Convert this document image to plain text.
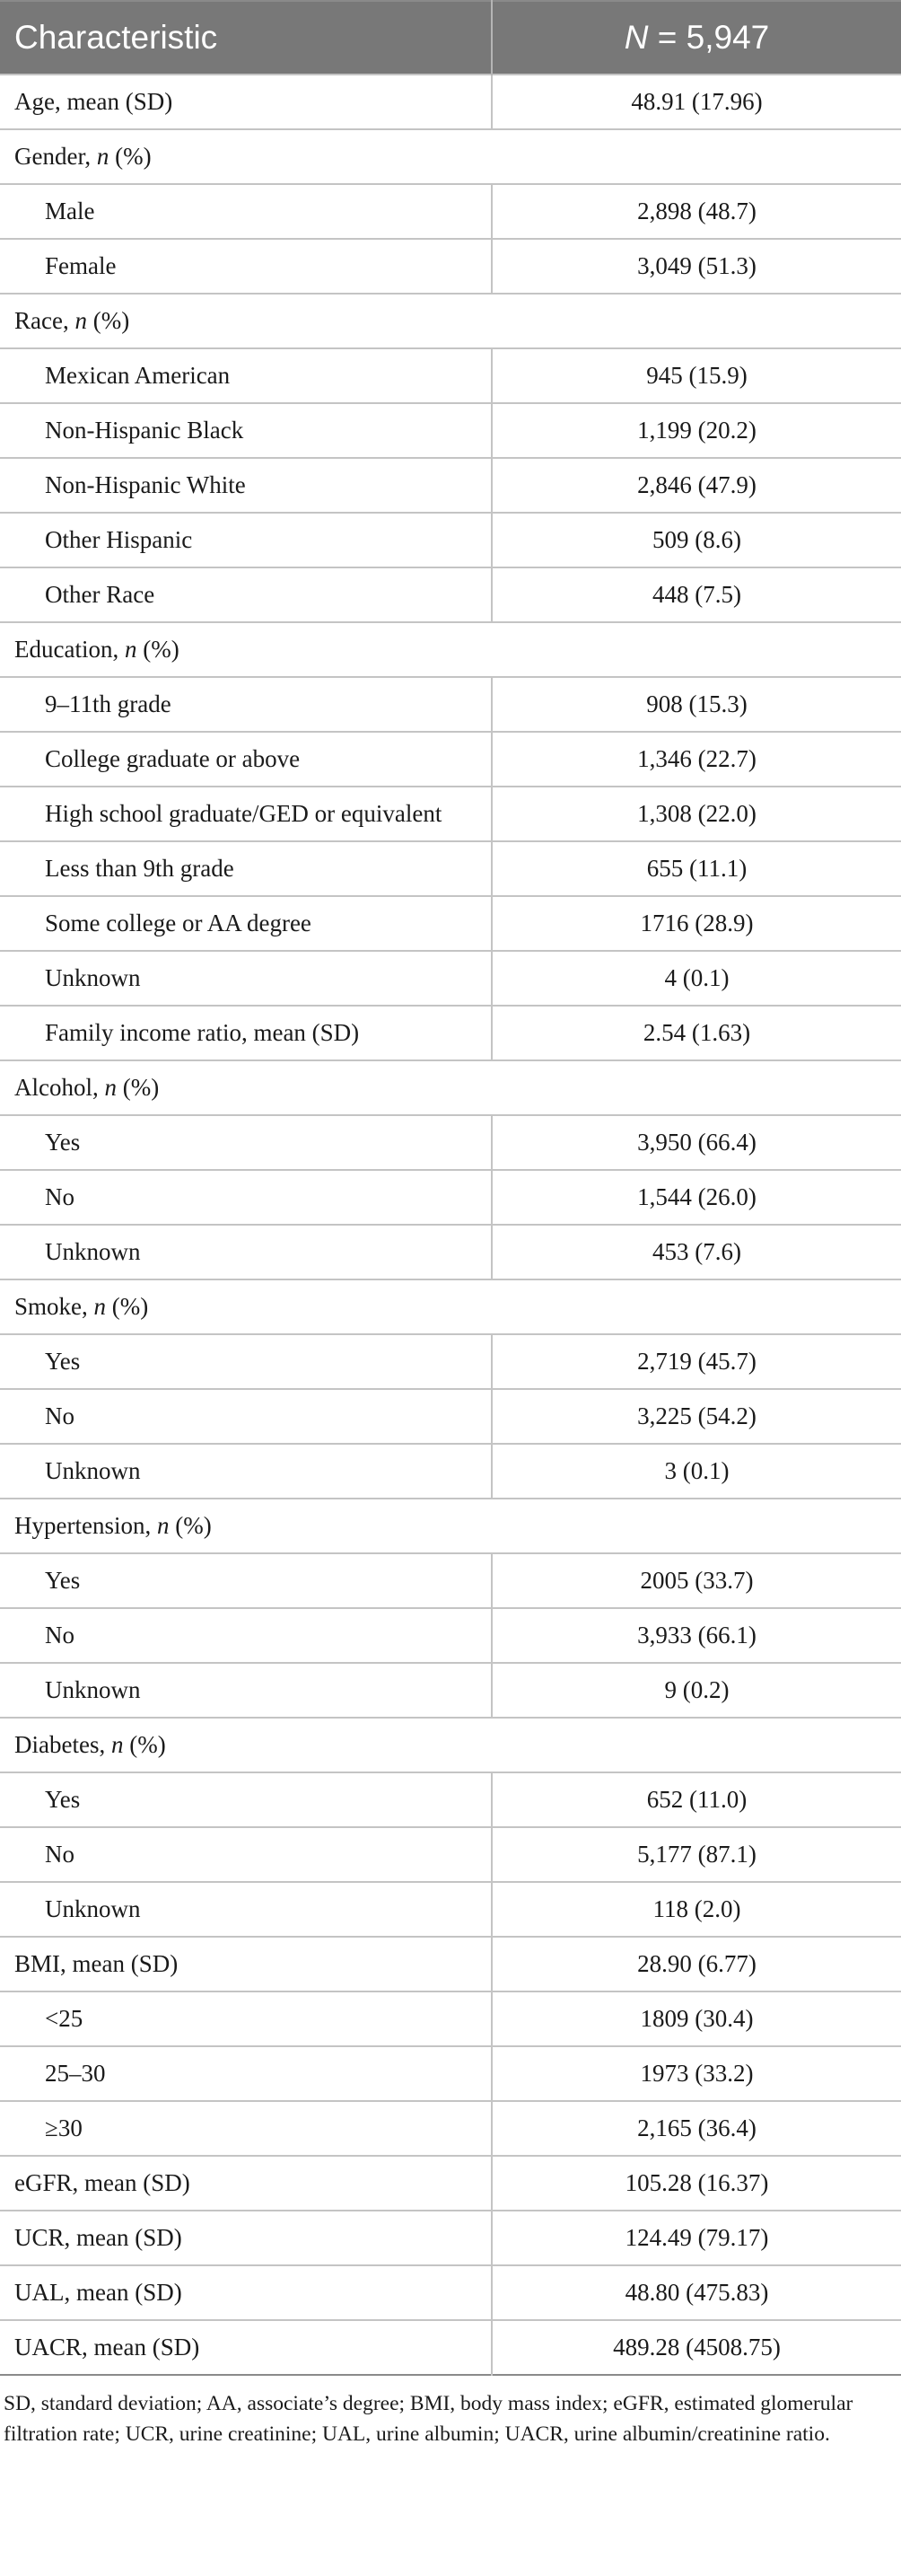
Characteristic	N = 5,947
Age, mean (SD)	48.91 (17.96)
Gender, n (%)	
Male	2,898 (48.7)
Female	3,049 (51.3)
Race, n (%)	
Mexican American	945 (15.9)
Non-Hispanic Black	1,199 (20.2)
Non-Hispanic White	2,846 (47.9)
Other Hispanic	509 (8.6)
Other Race	448 (7.5)
Education, n (%)	
9–11th grade	908 (15.3)
College graduate or above	1,346 (22.7)
High school graduate/GED or equivalent	1,308 (22.0)
Less than 9th grade	655 (11.1)
Some college or AA degree	1716 (28.9)
Unknown	4 (0.1)
Family income ratio, mean (SD)	2.54 (1.63)
Alcohol, n (%)	
Yes	3,950 (66.4)
No	1,544 (26.0)
Unknown	453 (7.6)
Smoke, n (%)	
Yes	2,719 (45.7)
No	3,225 (54.2)
Unknown	3 (0.1)
Hypertension, n (%)	
Yes	2005 (33.7)
No	3,933 (66.1)
Unknown	9 (0.2)
Diabetes, n (%)	
Yes	652 (11.0)
No	5,177 (87.1)
Unknown	118 (2.0)
BMI, mean (SD)	28.90 (6.77)
<25	1809 (30.4)
25–30	1973 (33.2)
≥30	2,165 (36.4)
eGFR, mean (SD)	105.28 (16.37)
UCR, mean (SD)	124.49 (79.17)
UAL, mean (SD)	48.80 (475.83)
UACR, mean (SD)	489.28 (4508.75)
SD, standard deviation; AA, associate’s degree; BMI, body mass index; eGFR, estimated glomerular filtration rate; UCR, urine creatinine; UAL, urine albumin; UACR, urine albumin/creatinine ratio.
